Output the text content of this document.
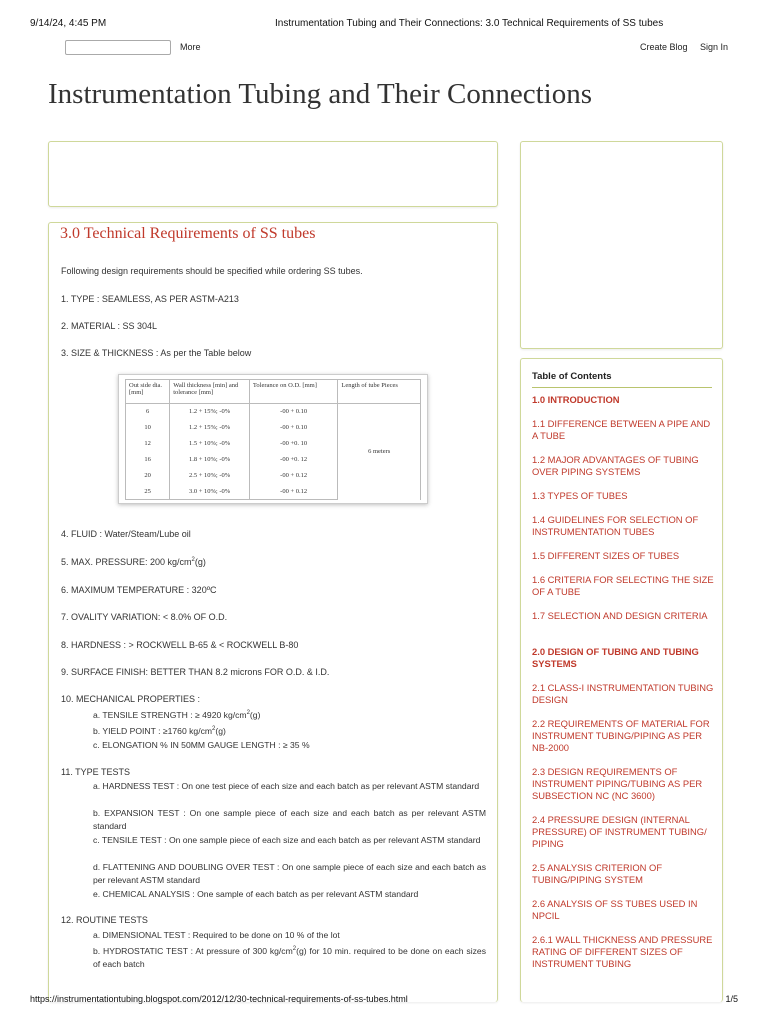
9/14/24, 4:45 PM	Instrumentation Tubing and Their Connections: 3.0 Technical Requirements of SS tubes
More	Create Blog Sign In
Instrumentation Tubing and Their Connections
3.0 Technical Requirements of SS tubes
Following design requirements should be specified while ordering SS tubes.
1. TYPE : SEAMLESS, AS PER ASTM-A213
2. MATERIAL : SS 304L
3. SIZE & THICKNESS : As per the Table below
Out side dia. [mm]	Wall thickness [min] and tolerance [mm]	Tolerance on O.D. [mm]	Length of tube Pieces
6	1.2 + 15%; -0%	-00 + 0.10	6 meters
10	1.2 + 15%; -0%	-00 + 0.10	
12	1.5 + 10%; -0%	-00 +0. 10	
16	1.8 + 10%; -0%	-00 +0. 12	
20	2.5 + 10%; -0%	-00 + 0.12	
25	3.0 + 10%; -0%	-00 + 0.12	
4. FLUID : Water/Steam/Lube oil
5. MAX. PRESSURE: 200 $kg/cm^2(g)$
6. MAXIMUM TEMPERATURE : 320ºC
7. OVALITY VARIATION: < 8.0% OF O.D.
8. HARDNESS : > ROCKWELL B-65 & < ROCKWELL B-80
9. SURFACE FINISH: BETTER THAN 8.2 microns FOR O.D. & I.D.
10. MECHANICAL PROPERTIES :
a. TENSILE STRENGTH : ≥ 4920 $kg/cm^2(g)$
b. YIELD POINT : ≥1760 $kg/cm^2(g)$
c. ELONGATION % IN 50MM GAUGE LENGTH : ≥ 35 %
11. TYPE TESTS
a. HARDNESS TEST : On one test piece of each size and each batch as per relevant ASTM standard
b. EXPANSION TEST : On one sample piece of each size and each batch as per relevant ASTM standard
c. TENSILE TEST : On one sample piece of each size and each batch as per relevant ASTM standard
d. FLATTENING AND DOUBLING OVER TEST : On one sample piece of each size and each batch as per relevant ASTM standard
e. CHEMICAL ANALYSIS : One sample of each batch as per relevant ASTM standard
12. ROUTINE TESTS
a. DIMENSIONAL TEST : Required to be done on 10 % of the lot
b. HYDROSTATIC TEST : At pressure of 300 $kg/cm^2(g)$ for 10 min. required to be done on each sizes of each batch
Table of Contents
1.0 INTRODUCTION
1.1 DIFFERENCE BETWEEN A PIPE AND A TUBE
1.2 MAJOR ADVANTAGES OF TUBING OVER PIPING SYSTEMS
1.3 TYPES OF TUBES
1.4 GUIDELINES FOR SELECTION OF INSTRUMENTATION TUBES
1.5 DIFFERENT SIZES OF TUBES
1.6 CRITERIA FOR SELECTING THE SIZE OF A TUBE
1.7 SELECTION AND DESIGN CRITERIA
2.0 DESIGN OF TUBING AND TUBING SYSTEMS
2.1 CLASS-I INSTRUMENTATION TUBING DESIGN
2.2 REQUIREMENTS OF MATERIAL FOR INSTRUMENT TUBING/PIPING AS PER NB-2000
2.3 DESIGN REQUIREMENTS OF INSTRUMENT PIPING/TUBING AS PER SUBSECTION NC (NC 3600)
2.4 PRESSURE DESIGN (INTERNAL PRESSURE) OF INSTRUMENT TUBING/ PIPING
2.5 ANALYSIS CRITERION OF TUBING/PIPING SYSTEM
2.6 ANALYSIS OF SS TUBES USED IN NPCIL
2.6.1 WALL THICKNESS AND PRESSURE RATING OF DIFFERENT SIZES OF INSTRUMENT TUBING
https://instrumentationtubing.blogspot.com/2012/12/30-technical-requirements-of-ss-tubes.html	1/5
